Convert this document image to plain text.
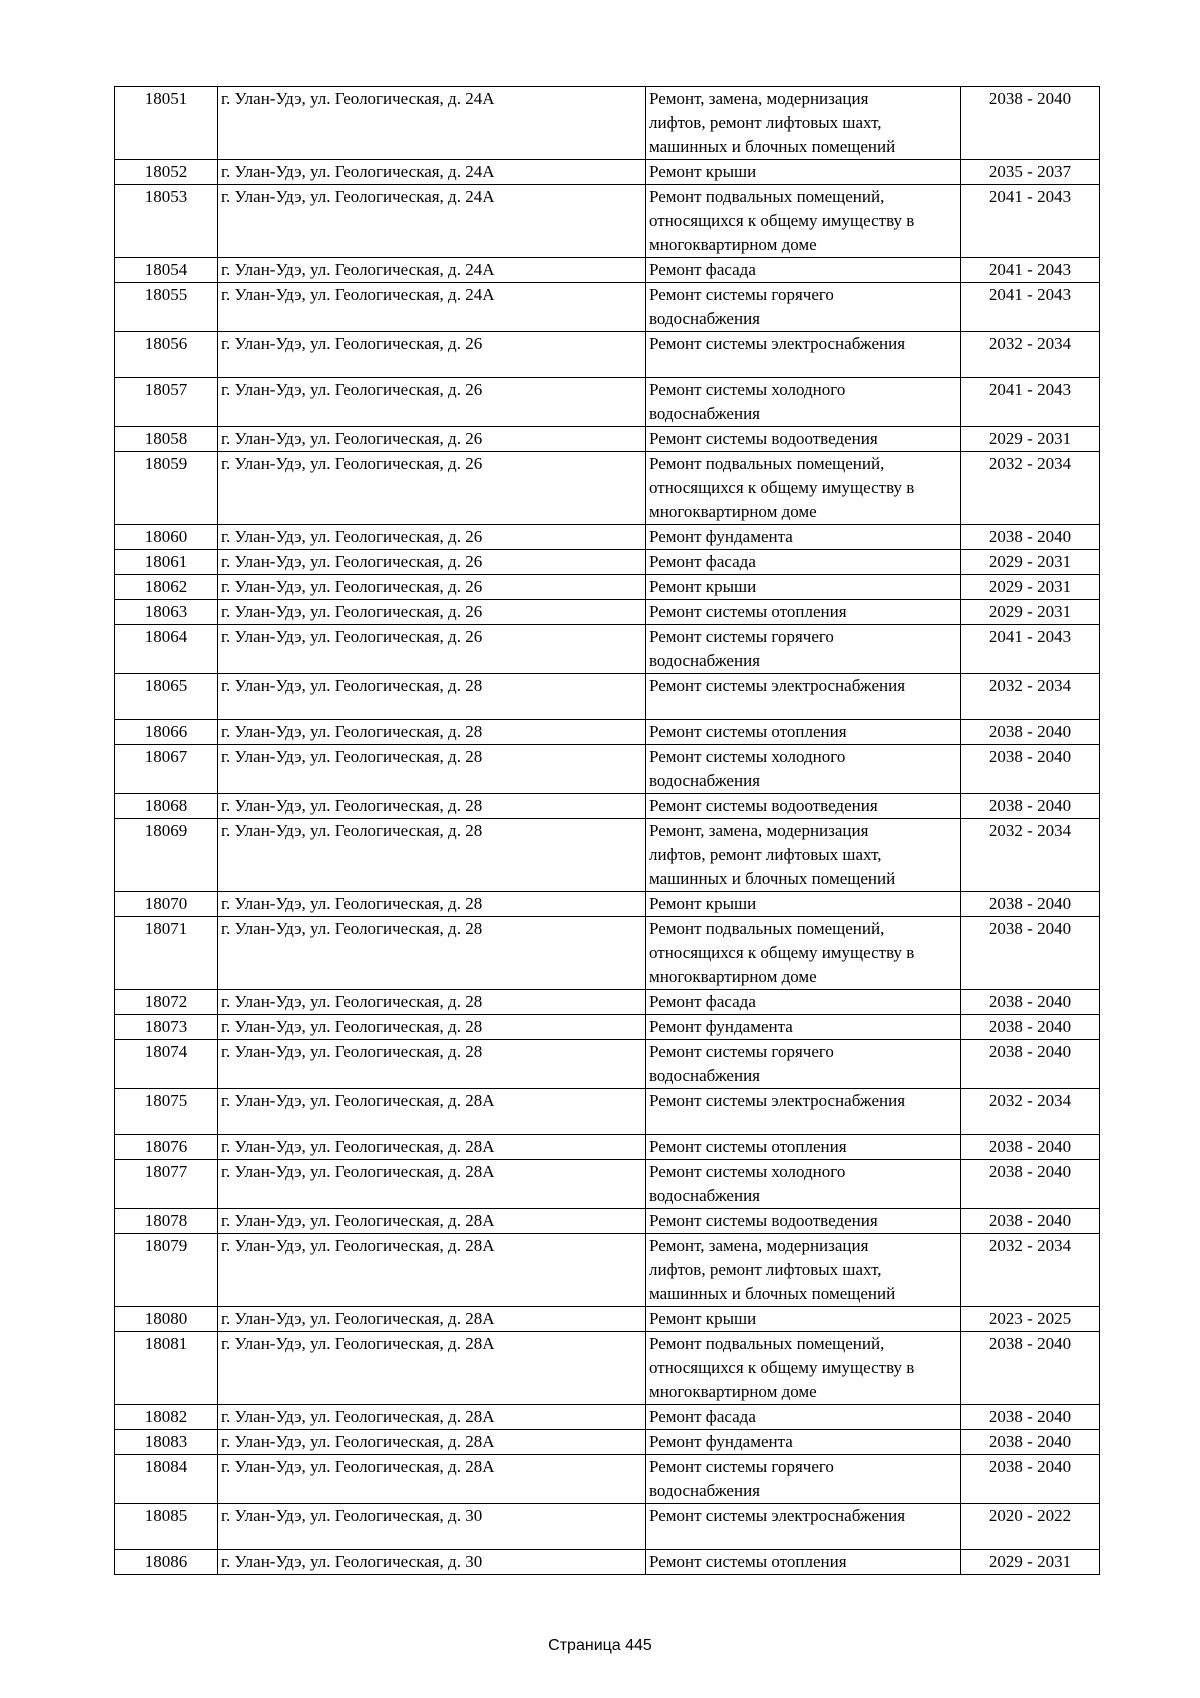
18051	г. Улан-Удэ, ул. Геологическая, д. 24А	Ремонт, замена, модернизация
лифтов, ремонт лифтовых шахт,
машинных и блочных помещений	2038 - 2040
18052	г. Улан-Удэ, ул. Геологическая, д. 24А	Ремонт крыши	2035 - 2037
18053	г. Улан-Удэ, ул. Геологическая, д. 24А	Ремонт подвальных помещений,
относящихся к общему имуществу в
многоквартирном доме	2041 - 2043
18054	г. Улан-Удэ, ул. Геологическая, д. 24А	Ремонт фасада	2041 - 2043
18055	г. Улан-Удэ, ул. Геологическая, д. 24А	Ремонт системы горячего
водоснабжения	2041 - 2043
18056	г. Улан-Удэ, ул. Геологическая, д. 26	Ремонт системы электроснабжения	2032 - 2034
18057	г. Улан-Удэ, ул. Геологическая, д. 26	Ремонт системы холодного
водоснабжения	2041 - 2043
18058	г. Улан-Удэ, ул. Геологическая, д. 26	Ремонт системы водоотведения	2029 - 2031
18059	г. Улан-Удэ, ул. Геологическая, д. 26	Ремонт подвальных помещений,
относящихся к общему имуществу в
многоквартирном доме	2032 - 2034
18060	г. Улан-Удэ, ул. Геологическая, д. 26	Ремонт фундамента	2038 - 2040
18061	г. Улан-Удэ, ул. Геологическая, д. 26	Ремонт фасада	2029 - 2031
18062	г. Улан-Удэ, ул. Геологическая, д. 26	Ремонт крыши	2029 - 2031
18063	г. Улан-Удэ, ул. Геологическая, д. 26	Ремонт системы отопления	2029 - 2031
18064	г. Улан-Удэ, ул. Геологическая, д. 26	Ремонт системы горячего
водоснабжения	2041 - 2043
18065	г. Улан-Удэ, ул. Геологическая, д. 28	Ремонт системы электроснабжения	2032 - 2034
18066	г. Улан-Удэ, ул. Геологическая, д. 28	Ремонт системы отопления	2038 - 2040
18067	г. Улан-Удэ, ул. Геологическая, д. 28	Ремонт системы холодного
водоснабжения	2038 - 2040
18068	г. Улан-Удэ, ул. Геологическая, д. 28	Ремонт системы водоотведения	2038 - 2040
18069	г. Улан-Удэ, ул. Геологическая, д. 28	Ремонт, замена, модернизация
лифтов, ремонт лифтовых шахт,
машинных и блочных помещений	2032 - 2034
18070	г. Улан-Удэ, ул. Геологическая, д. 28	Ремонт крыши	2038 - 2040
18071	г. Улан-Удэ, ул. Геологическая, д. 28	Ремонт подвальных помещений,
относящихся к общему имуществу в
многоквартирном доме	2038 - 2040
18072	г. Улан-Удэ, ул. Геологическая, д. 28	Ремонт фасада	2038 - 2040
18073	г. Улан-Удэ, ул. Геологическая, д. 28	Ремонт фундамента	2038 - 2040
18074	г. Улан-Удэ, ул. Геологическая, д. 28	Ремонт системы горячего
водоснабжения	2038 - 2040
18075	г. Улан-Удэ, ул. Геологическая, д. 28А	Ремонт системы электроснабжения	2032 - 2034
18076	г. Улан-Удэ, ул. Геологическая, д. 28А	Ремонт системы отопления	2038 - 2040
18077	г. Улан-Удэ, ул. Геологическая, д. 28А	Ремонт системы холодного
водоснабжения	2038 - 2040
18078	г. Улан-Удэ, ул. Геологическая, д. 28А	Ремонт системы водоотведения	2038 - 2040
18079	г. Улан-Удэ, ул. Геологическая, д. 28А	Ремонт, замена, модернизация
лифтов, ремонт лифтовых шахт,
машинных и блочных помещений	2032 - 2034
18080	г. Улан-Удэ, ул. Геологическая, д. 28А	Ремонт крыши	2023 - 2025
18081	г. Улан-Удэ, ул. Геологическая, д. 28А	Ремонт подвальных помещений,
относящихся к общему имуществу в
многоквартирном доме	2038 - 2040
18082	г. Улан-Удэ, ул. Геологическая, д. 28А	Ремонт фасада	2038 - 2040
18083	г. Улан-Удэ, ул. Геологическая, д. 28А	Ремонт фундамента	2038 - 2040
18084	г. Улан-Удэ, ул. Геологическая, д. 28А	Ремонт системы горячего
водоснабжения	2038 - 2040
18085	г. Улан-Удэ, ул. Геологическая, д. 30	Ремонт системы электроснабжения	2020 - 2022
18086	г. Улан-Удэ, ул. Геологическая, д. 30	Ремонт системы отопления	2029 - 2031
Страница 445
